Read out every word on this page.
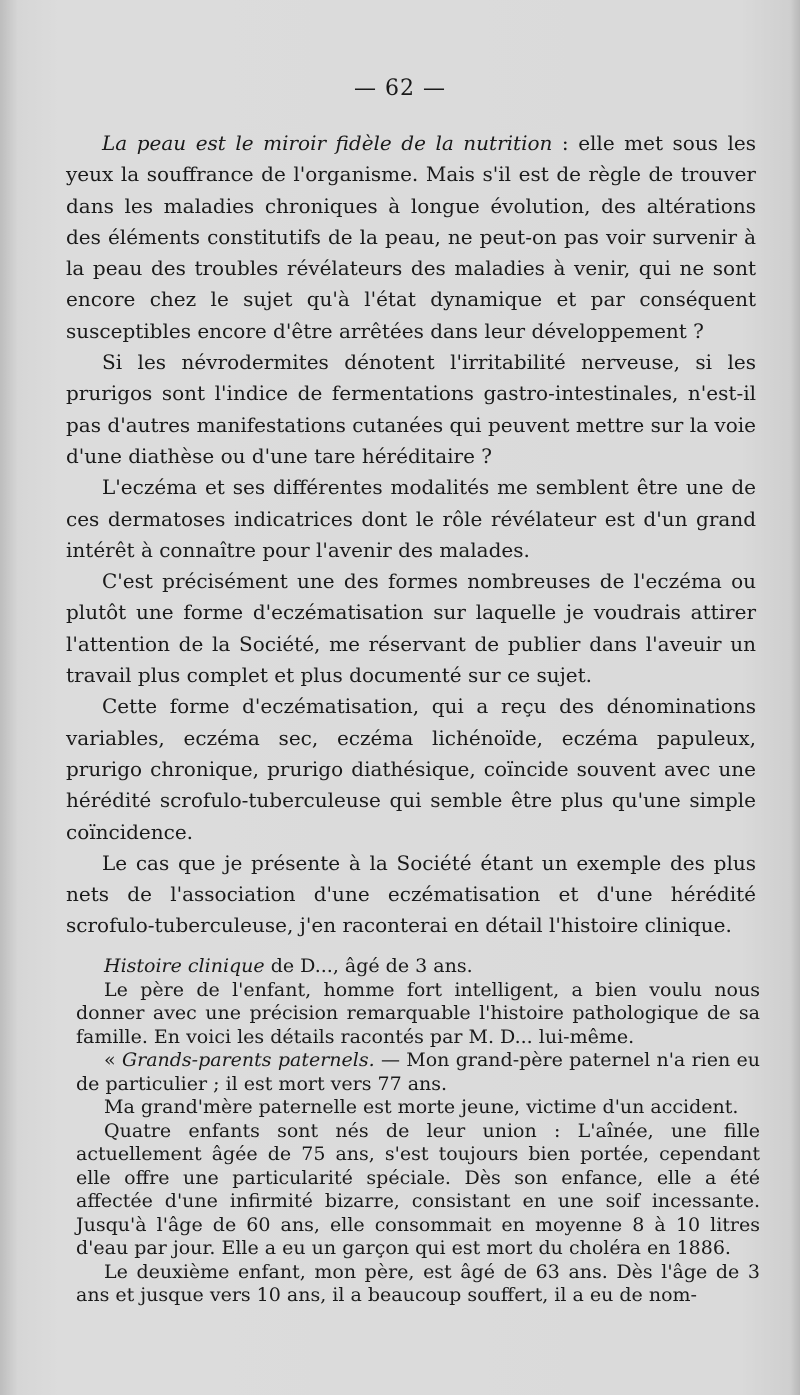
— 62 —

La peau est le miroir fidèle de la nutrition : elle met sous les yeux la souffrance de l'organisme. Mais s'il est de règle de trouver dans les maladies chroniques à longue évolution, des altérations des éléments constitutifs de la peau, ne peut-on pas voir survenir à la peau des troubles révélateurs des maladies à venir, qui ne sont encore chez le sujet qu'à l'état dynamique et par conséquent susceptibles encore d'être arrêtées dans leur développement ?

Si les névrodermites dénotent l'irritabilité nerveuse, si les prurigos sont l'indice de fermentations gastro-intestinales, n'est-il pas d'autres manifestations cutanées qui peuvent mettre sur la voie d'une diathèse ou d'une tare héréditaire ?

L'eczéma et ses différentes modalités me semblent être une de ces dermatoses indicatrices dont le rôle révélateur est d'un grand intérêt à connaître pour l'avenir des malades.

C'est précisément une des formes nombreuses de l'eczéma ou plutôt une forme d'eczématisation sur laquelle je voudrais attirer l'attention de la Société, me réservant de publier dans l'aveuir un travail plus complet et plus documenté sur ce sujet.

Cette forme d'eczématisation, qui a reçu des dénominations variables, eczéma sec, eczéma lichénoïde, eczéma papuleux, prurigo chronique, prurigo diathésique, coïncide souvent avec une hérédité scrofulo-tuberculeuse qui semble être plus qu'une simple coïncidence.

Le cas que je présente à la Société étant un exemple des plus nets de l'association d'une eczématisation et d'une hérédité scrofulo-tuberculeuse, j'en raconterai en détail l'histoire clinique.

Histoire clinique de D..., âgé de 3 ans.

Le père de l'enfant, homme fort intelligent, a bien voulu nous donner avec une précision remarquable l'histoire pathologique de sa famille. En voici les détails racontés par M. D... lui-même.

« Grands-parents paternels. — Mon grand-père paternel n'a rien eu de particulier ; il est mort vers 77 ans.

Ma grand'mère paternelle est morte jeune, victime d'un accident.

Quatre enfants sont nés de leur union : L'aînée, une fille actuellement âgée de 75 ans, s'est toujours bien portée, cependant elle offre une particularité spéciale. Dès son enfance, elle a été affectée d'une infirmité bizarre, consistant en une soif incessante. Jusqu'à l'âge de 60 ans, elle consommait en moyenne 8 à 10 litres d'eau par jour. Elle a eu un garçon qui est mort du choléra en 1886.

Le deuxième enfant, mon père, est âgé de 63 ans. Dès l'âge de 3 ans et jusque vers 10 ans, il a beaucoup souffert, il a eu de nom-
